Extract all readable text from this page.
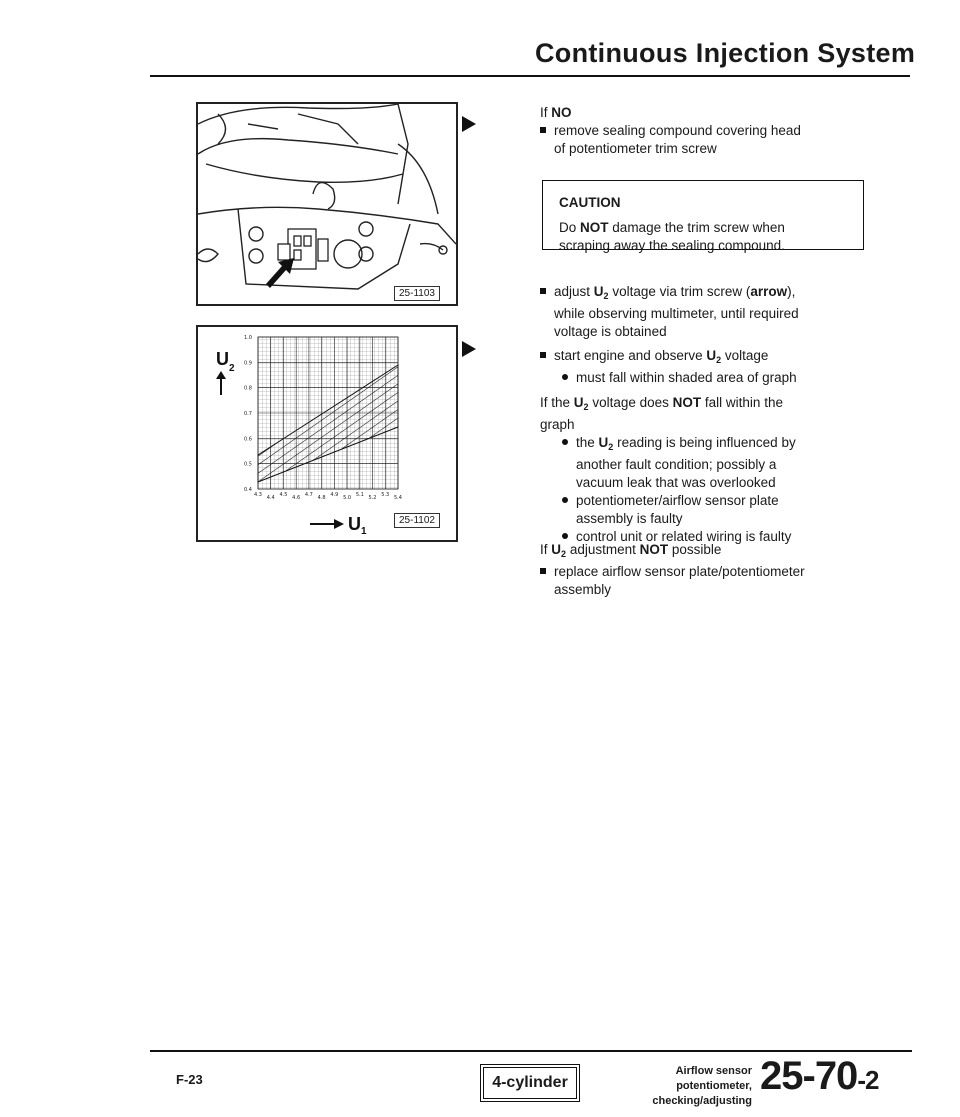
Continuous Injection System
25-1103
1.0
0.9
0.8
0.7
0.6
0.5
0.4
4.3 4.4 4.5 4.6 4.7 4.8 4.9 5.0 5.1 5.2 5.3 5.4
U 2
U 1
25-1102

If NO

remove sealing compound covering head
of potentiometer trim screw
CAUTION
Do NOT damage the trim screw when
scraping away the sealing compound.
adjust $U_2$ voltage via trim screw (arrow),
while observing multimeter, until required
voltage is obtained
start engine and observe $U_2$ voltage
must fall within shaded area of graph
If the $U_2$ voltage does NOT fall within the
graph
the $U_2$ reading is being influenced by
another fault condition; possibly a
vacuum leak that was overlooked
potentiometer/airflow sensor plate
assembly is faulty
control unit or related wiring is faulty
If $U_2$ adjustment NOT possible
replace airflow sensor plate/potentiometer
assembly
F-23	4-cylinder
Airflow sensor potentiometer,
checking/adjusting
25-70-2
